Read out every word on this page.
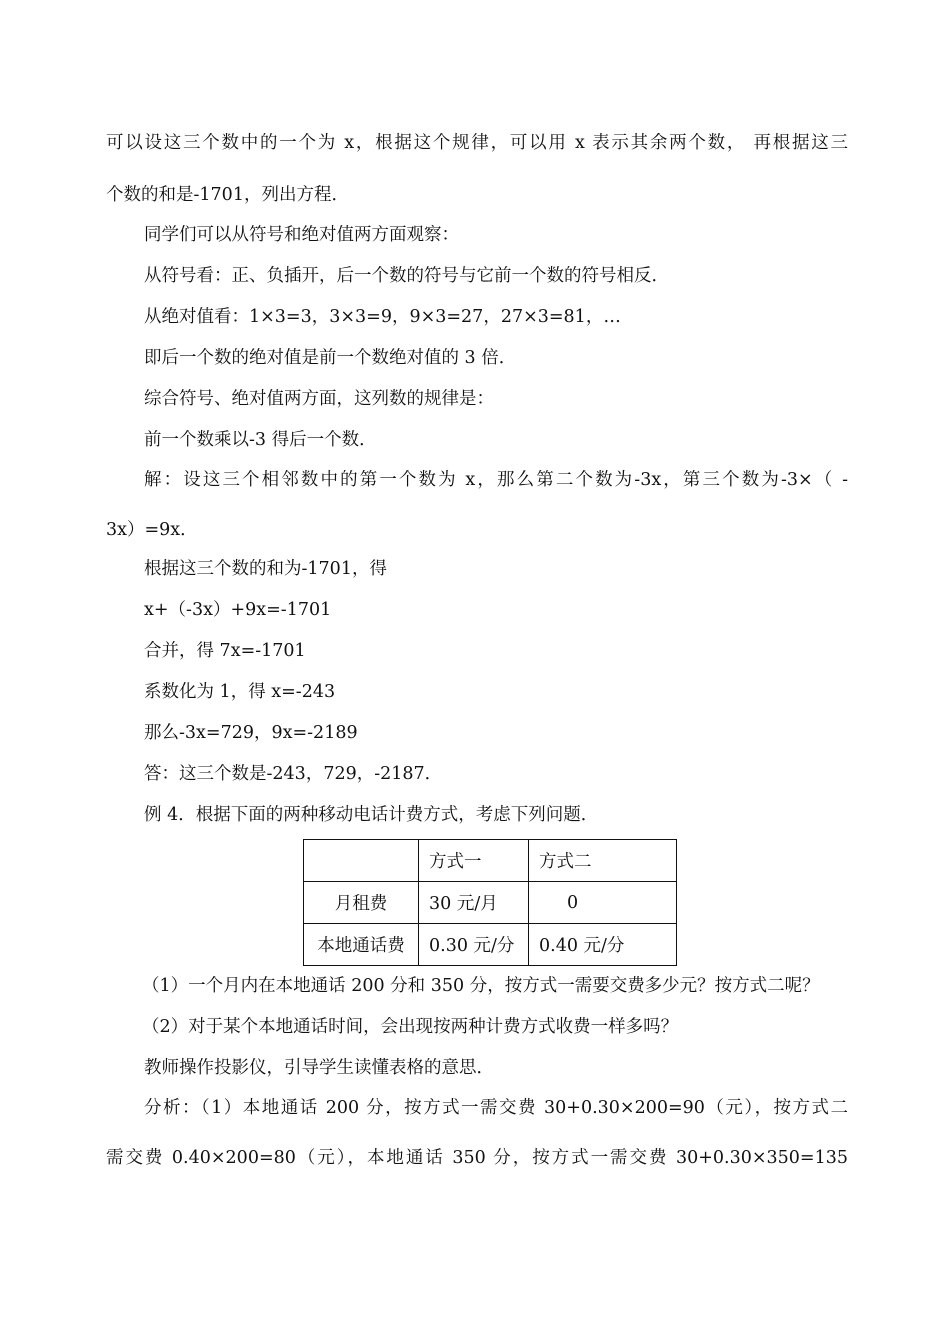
可以设这三个数中的一个为 x，根据这个规律，可以用 x 表示其余两个数， 再根据这三
个数的和是-1701，列出方程．
同学们可以从符号和绝对值两方面观察：
从符号看：正、负插开，后一个数的符号与它前一个数的符号相反．
从绝对值看：1×3=3，3×3=9，9×3=27，27×3=81，…
即后一个数的绝对值是前一个数绝对值的 3 倍．
综合符号、绝对值两方面，这列数的规律是：
前一个数乘以-3 得后一个数．
解：设这三个相邻数中的第一个数为 x，那么第二个数为-3x，第三个数为-3×（ -
3x）=9x．
根据这三个数的和为-1701，得
x+（-3x）+9x=-1701
合并，得 7x=-1701
系数化为 1，得 x=-243
那么-3x=729，9x=-2189
答：这三个数是-243，729，-2187．
例 4．根据下面的两种移动电话计费方式，考虑下列问题．
	方式一	方式二
月租费	30 元/月	0
本地通话费	0.30 元/分	0.40 元/分
（1）一个月内在本地通话 200 分和 350 分，按方式一需要交费多少元？按方式二呢？
（2）对于某个本地通话时间，会出现按两种计费方式收费一样多吗？
教师操作投影仪，引导学生读懂表格的意思．
分析：（1）本地通话 200 分，按方式一需交费 30+0.30×200=90（元），按方式二
需交费 0.40×200=80（元），本地通话 350 分，按方式一需交费 30+0.30×350=135
